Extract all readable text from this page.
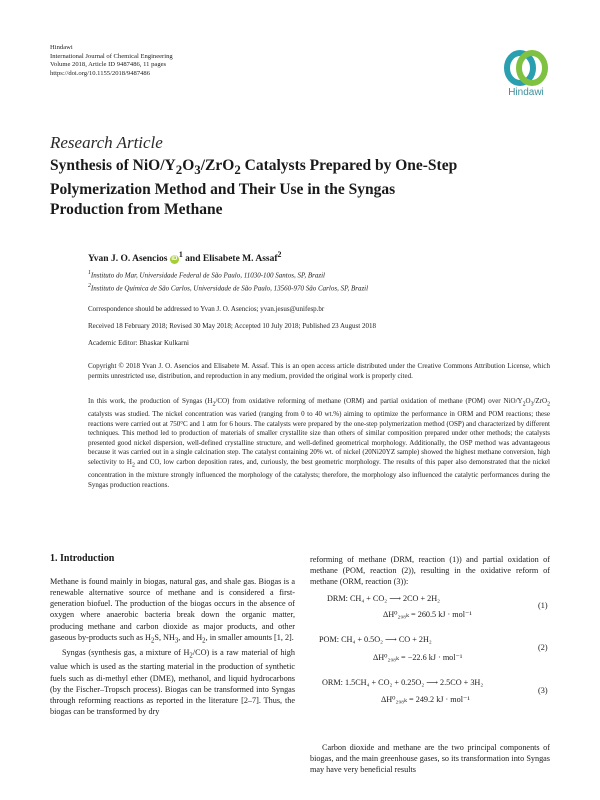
Hindawi
International Journal of Chemical Engineering
Volume 2018, Article ID 9487486, 11 pages
https://doi.org/10.1155/2018/9487486
Hindawi
Research Article
Synthesis of NiO/$Y_2O_3/ZrO_2$ Catalysts Prepared by One-Step
Polymerization Method and Their Use in the Syngas
Production from Methane
Yvan J. O. Asencios $iD^1$ and Elisabete M. Assaf$^2$
$^1$Instituto do Mar, Universidade Federal de São Paulo, 11030-100 Santos, SP, Brazil
$^2$Instituto de Química de São Carlos, Universidade de São Paulo, 13560-970 São Carlos, SP, Brazil
Correspondence should be addressed to Yvan J. O. Asencios; yvan.jesus@unifesp.br
Received 18 February 2018; Revised 30 May 2018; Accepted 10 July 2018; Published 23 August 2018
Academic Editor: Bhaskar Kulkarni
Copyright © 2018 Yvan J. O. Asencios and Elisabete M. Assaf. This is an open access article distributed under the Creative Commons Attribution License, which permits unrestricted use, distribution, and reproduction in any medium, provided the original work is properly cited.
In this work, the production of Syngas $(H_2/CO)$ from oxidative reforming of methane (ORM) and partial oxidation of methane (POM) over NiO/$Y_2O_3/ZrO_2$ catalysts was studied. The nickel concentration was varied (ranging from 0 to 40 wt.%) aiming to optimize the performance in ORM and POM reactions; these reactions were carried out at 750°C and 1 atm for 6 hours. The catalysts were prepared by the one-step polymerization method (OSP) and characterized by different techniques. This method led to production of materials of smaller crystallite size than others of similar composition prepared under other methods; the catalysts presented good nickel dispersion, well-defined crystalline structure, and well-defined geometrical morphology. Additionally, the OSP method was advantageous because it was carried out in a single calcination step. The catalyst containing 20% wt. of nickel (20Ni20YZ sample) showed the highest methane conversion, high selectivity to $H_2$ and CO, low carbon deposition rates, and, curiously, the best geometric morphology. The results of this paper also demonstrated that the nickel concentration in the mixture strongly influenced the morphology of the catalysts; therefore, the morphology also influenced the catalytic performances during the Syngas production reactions.
1. Introduction

Methane is found mainly in biogas, natural gas, and shale gas. Biogas is a renewable alternative source of methane and is considered a first-generation biofuel. The production of the biogas occurs in the absence of oxygen where anaerobic bacteria break down the organic matter, producing methane and carbon dioxide as major products, and other gaseous by-products such as $H_2S$, $NH_3$, and $H_2$, in smaller amounts [1, 2].

Syngas (synthesis gas, a mixture of $H_2/CO$) is a raw material of high value which is used as the starting material in the production of synthetic fuels such as di-methyl ether (DME), methanol, and liquid hydrocarbons (by the Fischer–Tropsch process). Biogas can be transformed into Syngas through reforming reactions as reported in the literature [2–7]. Thus, the biogas can be transformed by dry

reforming of methane (DRM, reaction (1)) and partial oxidation of methane (POM, reaction (2)), resulting in the oxidative reform of methane (ORM, reaction (3)):

DRM: CH₄ + CO₂ ⟶ 2CO + 2H₂
ΔH⁰₂₉₈ₖ = 260.5 kJ · mol⁻¹
(1)
POM: CH₄ + 0.5O₂ ⟶ CO + 2H₂
ΔH⁰₂₉₈ₖ = −22.6 kJ · mol⁻¹
(2)
ORM: 1.5CH₄ + CO₂ + 0.25O₂ ⟶ 2.5CO + 3H₂
ΔH⁰₂₉₈ₖ = 249.2 kJ · mol⁻¹
(3)
Carbon dioxide and methane are the two principal components of biogas, and the main greenhouse gases, so its transformation into Syngas may have very beneficial results
